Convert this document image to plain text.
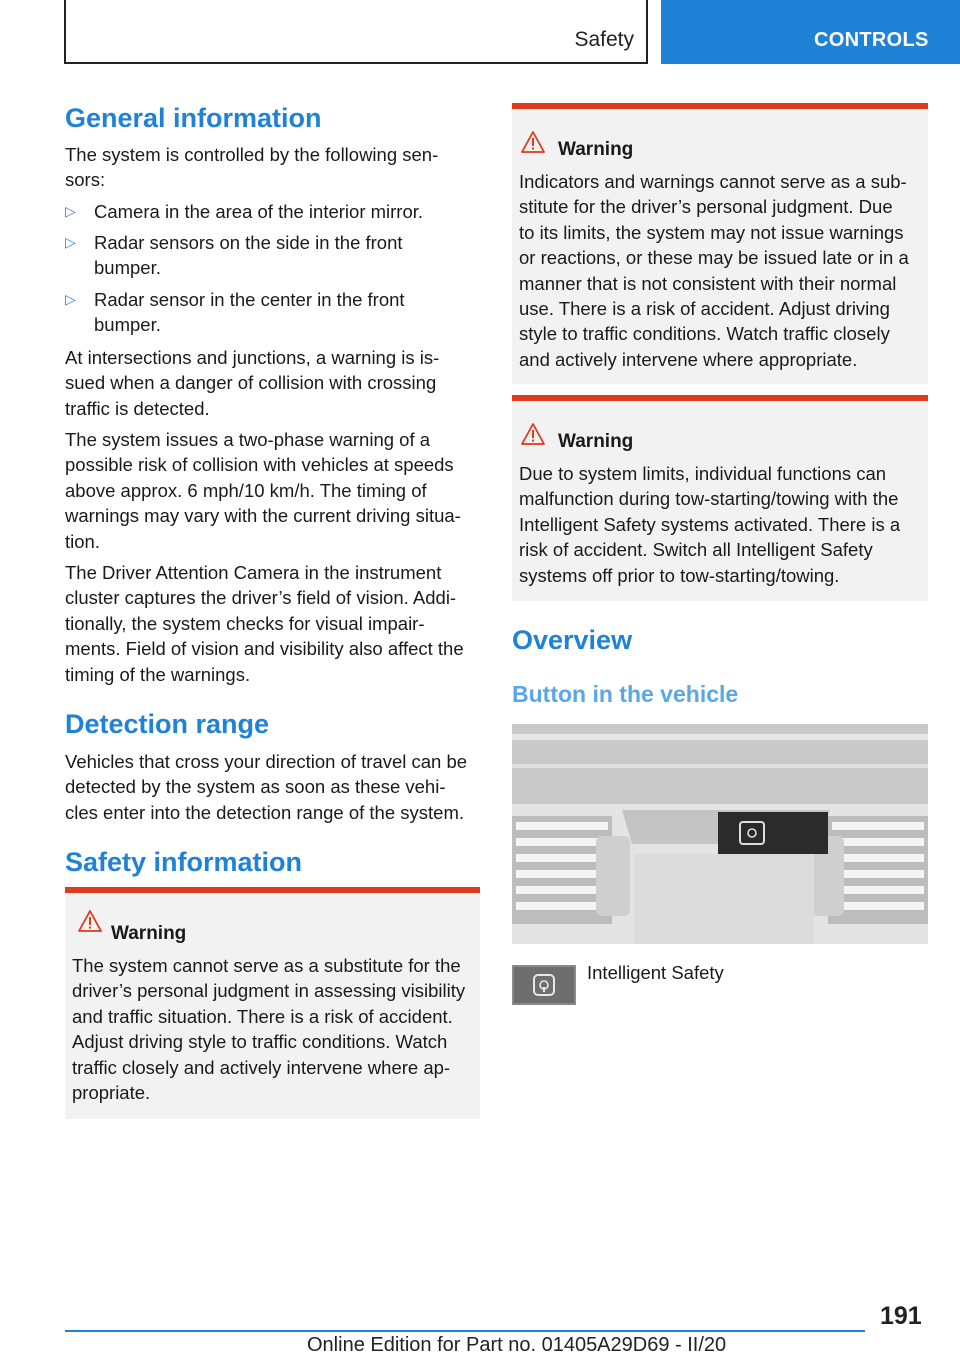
Safety	CONTROLS
General information
The system is controlled by the following sen-
sors:
▷ Camera in the area of the interior mirror.
▷ Radar sensors on the side in the front
bumper.
▷ Radar sensor in the center in the front
bumper.
At intersections and junctions, a warning is is-
sued when a danger of collision with crossing
traffic is detected.
The system issues a two-phase warning of a
possible risk of collision with vehicles at speeds
above approx. 6 mph/10 km/h. The timing of
warnings may vary with the current driving situa-
tion.
The Driver Attention Camera in the instrument
cluster captures the driver’s field of vision. Addi-
tionally, the system checks for visual impair-
ments. Field of vision and visibility also affect the
timing of the warnings.
Detection range
Vehicles that cross your direction of travel can be
detected by the system as soon as these vehi-
cles enter into the detection range of the system.
Safety information
Warning
The system cannot serve as a substitute for the
driver’s personal judgment in assessing visibility
and traffic situation. There is a risk of accident.
Adjust driving style to traffic conditions. Watch
traffic closely and actively intervene where ap-
propriate.
Warning
Indicators and warnings cannot serve as a sub-
stitute for the driver’s personal judgment. Due
to its limits, the system may not issue warnings
or reactions, or these may be issued late or in a
manner that is not consistent with their normal
use. There is a risk of accident. Adjust driving
style to traffic conditions. Watch traffic closely
and actively intervene where appropriate.
Warning
Due to system limits, individual functions can
malfunction during tow-starting/towing with the
Intelligent Safety systems activated. There is a
risk of accident. Switch all Intelligent Safety
systems off prior to tow-starting/towing.
Overview
Button in the vehicle
Intelligent Safety
191
Online Edition for Part no. 01405A29D69 - II/20
